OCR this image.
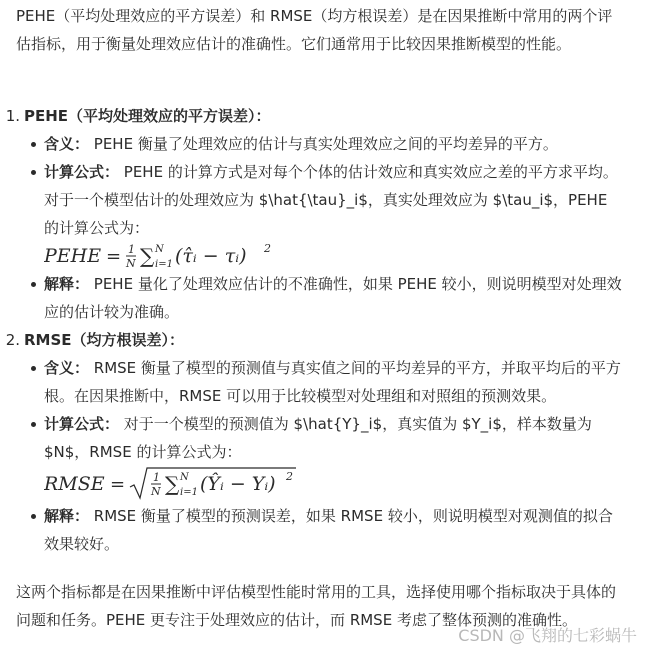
PEHE（平均处理效应的平方误差）和 RMSE（均方根误差）是在因果推断中常用的两个评估指标，用于衡量处理效应估计的准确性。它们通常用于比较因果推断模型的性能。

1. PEHE（平均处理效应的平方误差）：
含义： PEHE 衡量了处理效应的估计与真实处理效应之间的平均差异的平方。
计算公式： PEHE 的计算方式是对每个个体的估计效应和真实效应之差的平方求平均。对于一个模型估计的处理效应为 $\hat{\tau}_i$，真实处理效应为 $\tau_i$，PEHE 的计算公式为：
PEHE = 1
N ∑ N
i=1 (τ̂ᵢ − τᵢ) 2
解释： PEHE 量化了处理效应估计的不准确性，如果 PEHE 较小，则说明模型对处理效应的估计较为准确。
2. RMSE（均方根误差）：
含义： RMSE 衡量了模型的预测值与真实值之间的平均差异的平方，并取平均后的平方根。在因果推断中，RMSE 可以用于比较模型对处理组和对照组的预测效果。
计算公式： 对于一个模型的预测值为 $\hat{Y}_i$，真实值为 $Y_i$，样本数量为 $N$，RMSE 的计算公式为：
RMSE =	1
N ∑ N
i=1 (Ŷᵢ − Yᵢ) 2
解释： RMSE 衡量了模型的预测误差，如果 RMSE 较小，则说明模型对观测值的拟合效果较好。

这两个指标都是在因果推断中评估模型性能时常用的工具，选择使用哪个指标取决于具体的问题和任务。PEHE 更专注于处理效应的估计，而 RMSE 考虑了整体预测的准确性。

CSDN @飞翔的七彩蜗牛
